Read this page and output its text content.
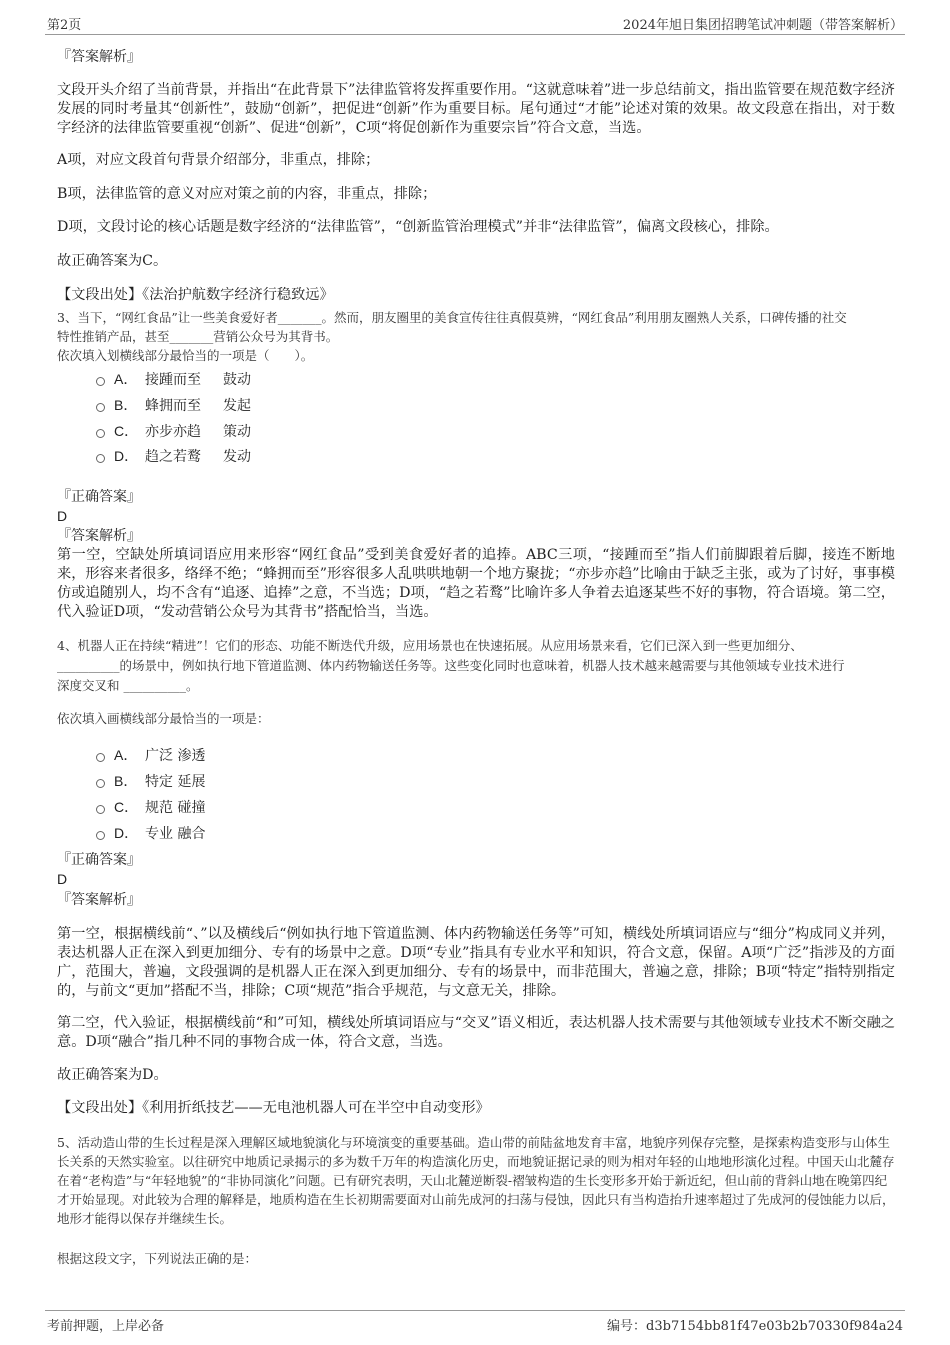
第2页	2024年旭日集团招聘笔试冲刺题（带答案解析）
『答案解析』
文段开头介绍了当前背景，并指出“在此背景下”法律监管将发挥重要作用。“这就意味着”进一步总结前文，指出监管要在规范数字经济发展的同时考量其“创新性”，鼓励“创新”，把促进“创新”作为重要目标。尾句通过“才能”论述对策的效果。故文段意在指出，对于数字经济的法律监管要重视“创新”、促进“创新”，C项“将促创新作为重要宗旨”符合文意，当选。
A项，对应文段首句背景介绍部分，非重点，排除；
B项，法律监管的意义对应对策之前的内容，非重点，排除；
D项，文段讨论的核心话题是数字经济的“法律监管”，“创新监管治理模式”并非“法律监管”，偏离文段核心，排除。
故正确答案为C。
【文段出处】《法治护航数字经济行稳致远》
3、当下，“网红食品”让一些美食爱好者_______。然而，朋友圈里的美食宣传往往真假莫辨，“网红食品”利用朋友圈熟人关系，口碑传播的社交
特性推销产品，甚至_______营销公众号为其背书。
依次填入划横线部分最恰当的一项是（　　）。
A． 接踵而至	鼓动
B． 蜂拥而至	发起
C． 亦步亦趋	策动
D． 趋之若鹜	发动
『正确答案』
D
『答案解析』
第一空，空缺处所填词语应用来形容“网红食品”受到美食爱好者的追捧。ABC三项，“接踵而至”指人们前脚跟着后脚，接连不断地来，形容来者很多，络绎不绝；“蜂拥而至”形容很多人乱哄哄地朝一个地方聚拢；“亦步亦趋”比喻由于缺乏主张，或为了讨好，事事模仿或追随别人，均不含有“追逐、追捧”之意，不当选；D项，“趋之若鹜”比喻许多人争着去追逐某些不好的事物，符合语境。第二空，代入验证D项，“发动营销公众号为其背书”搭配恰当，当选。
4、机器人正在持续“精进”！它们的形态、功能不断迭代升级，应用场景也在快速拓展。从应用场景来看，它们已深入到一些更加细分、
__________的场景中，例如执行地下管道监测、体内药物输送任务等。这些变化同时也意味着，机器人技术越来越需要与其他领域专业技术进行
深度交叉和 __________。
依次填入画横线部分最恰当的一项是：
A． 广泛 渗透
B． 特定 延展
C． 规范 碰撞
D． 专业 融合
『正确答案』
D
『答案解析』
第一空，根据横线前“、”以及横线后“例如执行地下管道监测、体内药物输送任务等”可知，横线处所填词语应与“细分”构成同义并列，表达机器人正在深入到更加细分、专有的场景中之意。D项“专业”指具有专业水平和知识，符合文意，保留。A项“广泛”指涉及的方面广，范围大，普遍，文段强调的是机器人正在深入到更加细分、专有的场景中，而非范围大，普遍之意，排除；B项“特定”指特别指定的，与前文“更加”搭配不当，排除；C项“规范”指合乎规范，与文意无关，排除。
第二空，代入验证，根据横线前“和”可知，横线处所填词语应与“交叉”语义相近，表达机器人技术需要与其他领域专业技术不断交融之意。D项“融合”指几种不同的事物合成一体，符合文意，当选。
故正确答案为D。
【文段出处】《利用折纸技艺——无电池机器人可在半空中自动变形》
5、活动造山带的生长过程是深入理解区域地貌演化与环境演变的重要基础。造山带的前陆盆地发育丰富，地貌序列保存完整，是探索构造变形与山体生长关系的天然实验室。以往研究中地质记录揭示的多为数千万年的构造演化历史，而地貌证据记录的则为相对年轻的山地地形演化过程。中国天山北麓存在着“老构造”与“年轻地貌”的“非协同演化”问题。已有研究表明，天山北麓逆断裂-褶皱构造的生长变形多开始于新近纪，但山前的背斜山地在晚第四纪才开始显现。对此较为合理的解释是，地质构造在生长初期需要面对山前先成河的扫荡与侵蚀，因此只有当构造抬升速率超过了先成河的侵蚀能力以后，地形才能得以保存并继续生长。
根据这段文字，下列说法正确的是：
考前押题，上岸必备	编号：d3b7154bb81f47e03b2b70330f984a24
